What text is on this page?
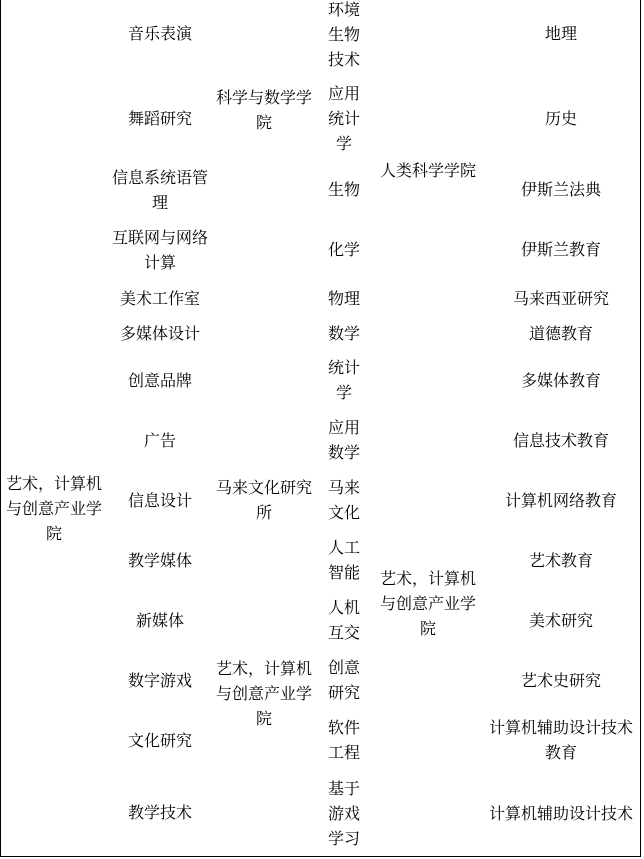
艺术，计算机与创意产业学院
音乐表演
舞蹈研究
信息系统语管理
互联网与网络计算
美术工作室
多媒体设计
创意品牌
广告
信息设计
教学媒体
新媒体
数字游戏
文化研究
教学技术
科学与数学学院
马来文化研究所
艺术，计算机与创意产业学院
环境生物技术
应用统计学
生物
化学
物理
数学
统计学
应用数学
马来文化
人工智能
人机互交
创意研究
软件工程
基于游戏学习
人类科学学院
艺术，计算机与创意产业学院
地理
历史
伊斯兰法典
伊斯兰教育
马来西亚研究
道德教育
多媒体教育
信息技术教育
计算机网络教育
艺术教育
美术研究
艺术史研究
计算机辅助设计技术教育
计算机辅助设计技术
